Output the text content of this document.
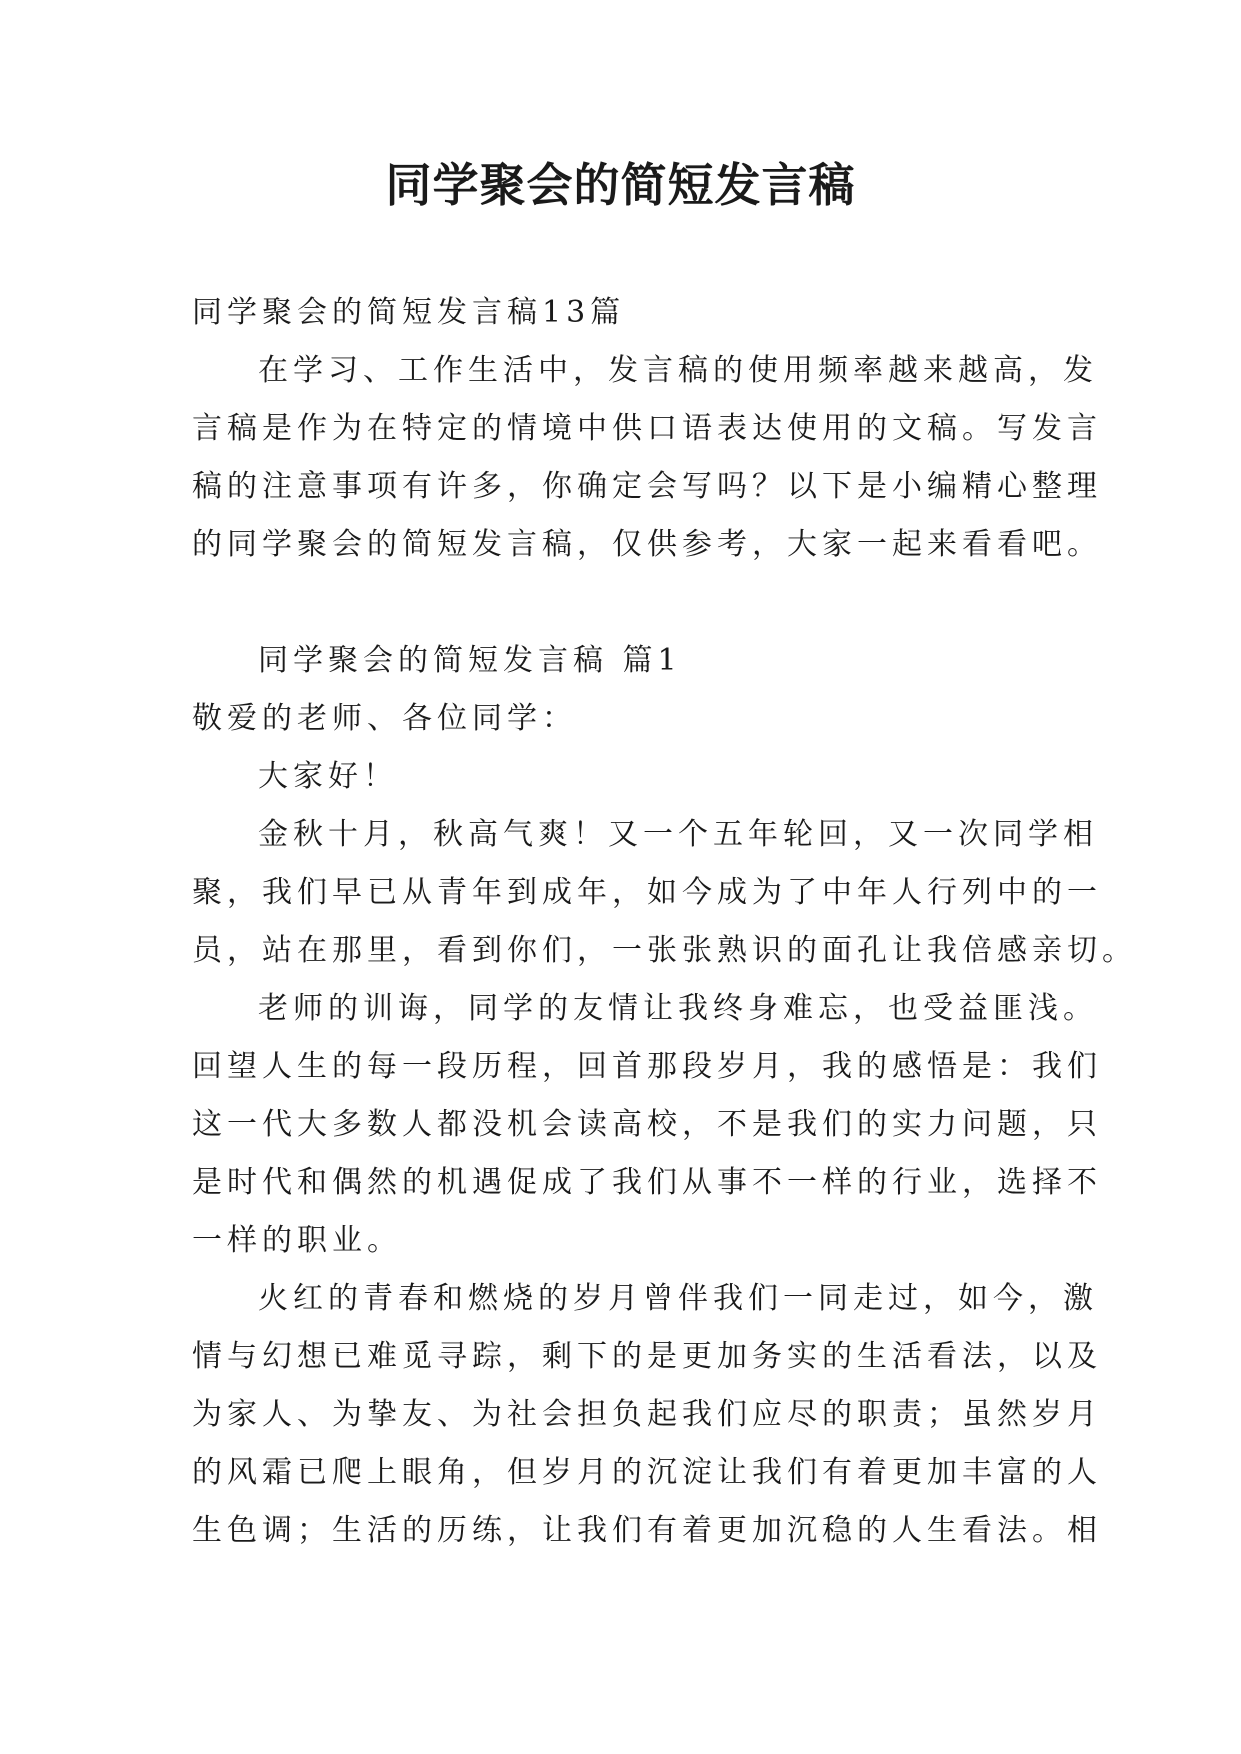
同学聚会的简短发言稿
同学聚会的简短发言稿13篇
在学习、工作生活中，发言稿的使用频率越来越高，发
言稿是作为在特定的情境中供口语表达使用的文稿。写发言
稿的注意事项有许多，你确定会写吗？以下是小编精心整理
的同学聚会的简短发言稿，仅供参考，大家一起来看看吧。
同学聚会的简短发言稿 篇1
敬爱的老师、各位同学：
大家好！
金秋十月，秋高气爽！又一个五年轮回，又一次同学相
聚，我们早已从青年到成年，如今成为了中年人行列中的一
员，站在那里，看到你们，一张张熟识的面孔让我倍感亲切。
老师的训诲，同学的友情让我终身难忘，也受益匪浅。
回望人生的每一段历程，回首那段岁月，我的感悟是：我们
这一代大多数人都没机会读高校，不是我们的实力问题，只
是时代和偶然的机遇促成了我们从事不一样的行业，选择不
一样的职业。
火红的青春和燃烧的岁月曾伴我们一同走过，如今，激
情与幻想已难觅寻踪，剩下的是更加务实的生活看法，以及
为家人、为挚友、为社会担负起我们应尽的职责；虽然岁月
的风霜已爬上眼角，但岁月的沉淀让我们有着更加丰富的人
生色调；生活的历练，让我们有着更加沉稳的人生看法。相
